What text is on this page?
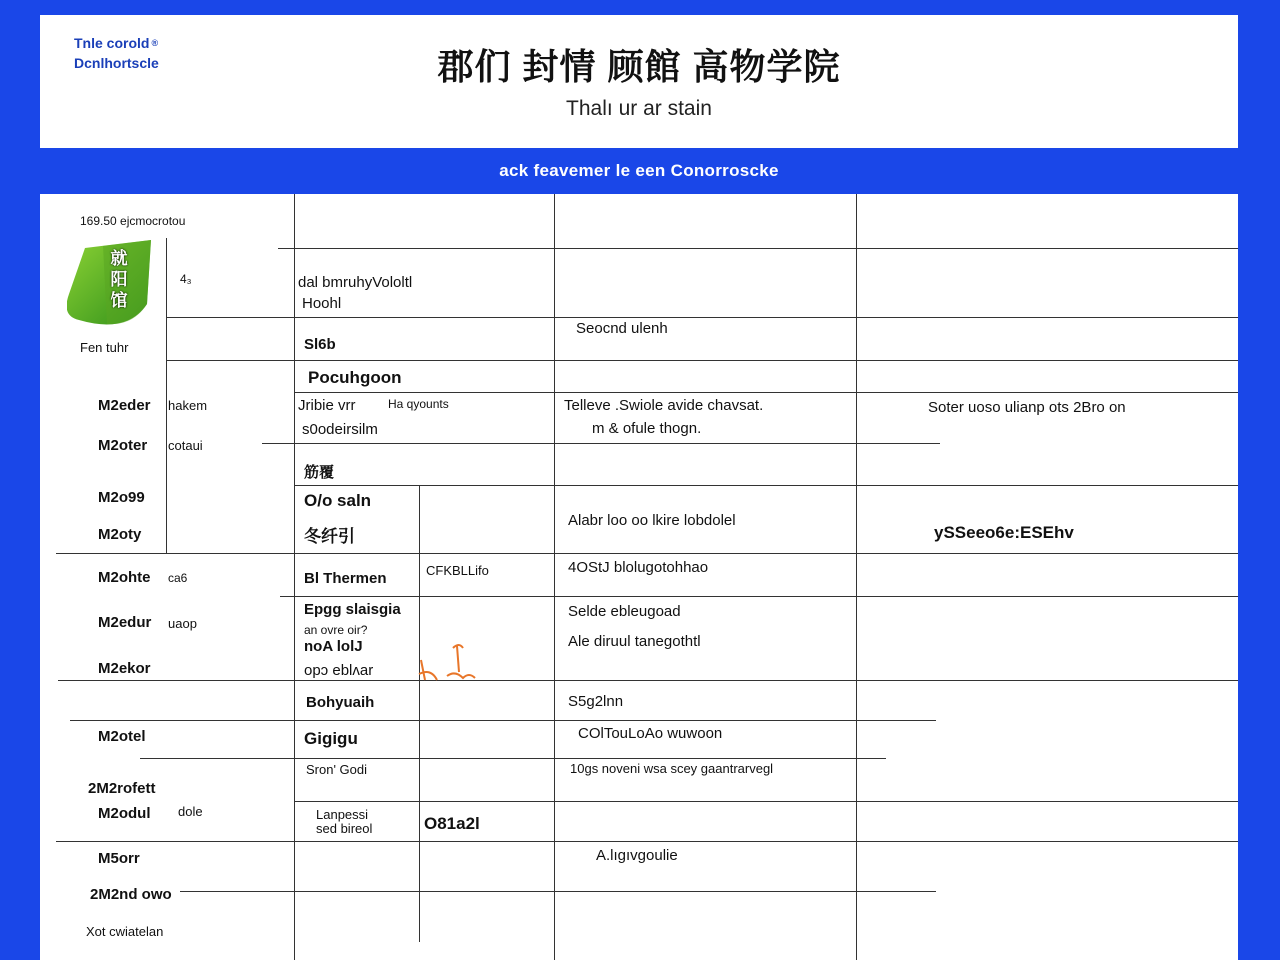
Tnle corold ®
Dcnlhortscle	郡们 封情 顾館 高物学院
Thalı ur ar stain
ack feavemer le een Conorroscke
169.50 ejcmocrotou
就阳馆
4₃
Fen tuhr
M2eder hakem
M2oter cotaui
M2o99
M2oty
M2ohte ca6
M2edur uaop
M2ekor
M2otel
2M2rofett
M2odul dole
M5orr
2M2nd owo
Xot cwiatelan
dal bmruhyVololtl
Hoohl
Sl6b
Pocuhgoon
Jribie vrr	Ha qyounts
s0odeirsilm
筋覆
O/o saln
冬纤引
Bl Thermen
Epgg slaisgia
an ovre oir?
noA lolJ
opɔ eblʌar
Bohyuaih
Gigigu
Sron' Godi
Lanpessi
sed bireol
CFKBLLifo
O81a2l
Seocnd ulenh
Telleve .Swiole avide chavsat.
m & ofule thogn.
Alabr loo oo lkire lobdolel
4OStJ blolugotohhao
Selde ebleugoad
Ale diruul tanegothtl
S5g2lnn
COlTouLoAo wuwoon
10gs noveni wsa scey gaantrarvegl
A.lıgıvgoulie
Soter uoso ulianp ots 2Bro on
ySSeeo6e:ESEhv
